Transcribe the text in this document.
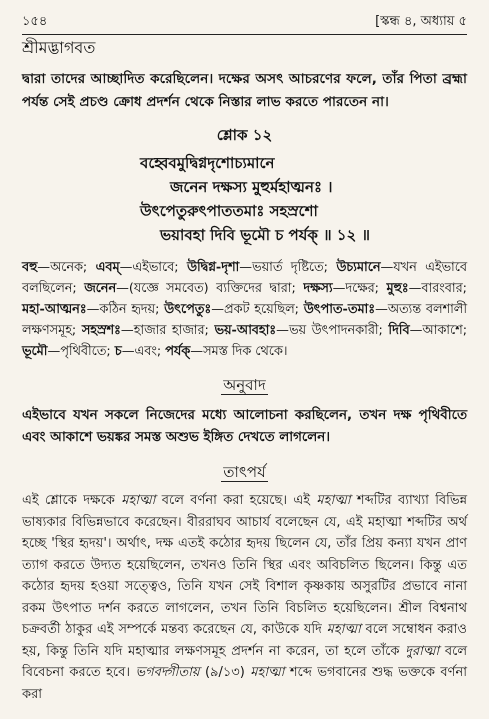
১৫৪	[স্কন্ধ ৪, অধ্যায় ৫
শ্রীমদ্ভাগবত
দ্বারা তাদের আচ্ছাদিত করেছিলেন। দক্ষের অসৎ আচরণের ফলে, তাঁর পিতা ব্রহ্মা পর্যন্ত সেই প্রচণ্ড ক্রোধ প্রদর্শন থেকে নিস্তার লাভ করতে পারতেন না।
শ্লোক ১২
বহ্বেবমুদ্বিগ্নদৃশোচ্যমানে
জনেন দক্ষস্য মুহুর্মহাত্মনঃ ।
উৎপেতুরুৎপাততমাঃ সহস্রশো
ভয়াবহা দিবি ভূমৌ চ পর্যক্ ॥ ১২ ॥
বহু—অনেক; এবম্—এইভাবে; উদ্বিগ্ন-দৃশা—ভয়ার্ত দৃষ্টিতে; উচ্যমানে—যখন এইভাবে বলছিলেন; জনেন—(যজ্ঞে সমবেত) ব্যক্তিদের দ্বারা; দক্ষস্য—দক্ষের; মুহুঃ—বারংবার; মহা-আত্মনঃ—কঠিন হৃদয়; উৎপেতুঃ—প্রকট হয়েছিল; উৎপাত-তমাঃ—অত্যন্ত বলশালী লক্ষণসমূহ; সহস্রশঃ—হাজার হাজার; ভয়-আবহাঃ—ভয় উৎপাদনকারী; দিবি—আকাশে; ভূমৌ—পৃথিবীতে; চ—এবং; পর্যক্—সমস্ত দিক থেকে।
অনুবাদ
এইভাবে যখন সকলে নিজেদের মধ্যে আলোচনা করছিলেন, তখন দক্ষ পৃথিবীতে এবং আকাশে ভয়ঙ্কর সমস্ত অশুভ ইঙ্গিত দেখতে লাগলেন।
তাৎপর্য
এই শ্লোকে দক্ষকে মহাত্মা বলে বর্ণনা করা হয়েছে। এই মহাত্মা শব্দটির ব্যাখ্যা বিভিন্ন ভাষ্যকার বিভিন্নভাবে করেছেন। বীররাঘব আচার্য বলেছেন যে, এই মহাত্মা শব্দটির অর্থ হচ্ছে 'স্থির হৃদয়'। অর্থাৎ, দক্ষ এতই কঠোর হৃদয় ছিলেন যে, তাঁর প্রিয় কন্যা যখন প্রাণ ত্যাগ করতে উদ্যত হয়েছিলেন, তখনও তিনি স্থির এবং অবিচলিত ছিলেন। কিন্তু এত কঠোর হৃদয় হওয়া সত্ত্বেও, তিনি যখন সেই বিশাল কৃষ্ণকায় অসুরটির প্রভাবে নানা রকম উৎপাত দর্শন করতে লাগলেন, তখন তিনি বিচলিত হয়েছিলেন। শ্রীল বিশ্বনাথ চক্রবর্তী ঠাকুর এই সম্পর্কে মন্তব্য করেছেন যে, কাউকে যদি মহাত্মা বলে সম্বোধন করাও হয়, কিন্তু তিনি যদি মহাত্মার লক্ষণসমূহ প্রদর্শন না করেন, তা হলে তাঁকে দুরাত্মা বলে বিবেচনা করতে হবে। ভগবদ্গীতায় (৯/১৩) মহাত্মা শব্দে ভগবানের শুদ্ধ ভক্তকে বর্ণনা করা
